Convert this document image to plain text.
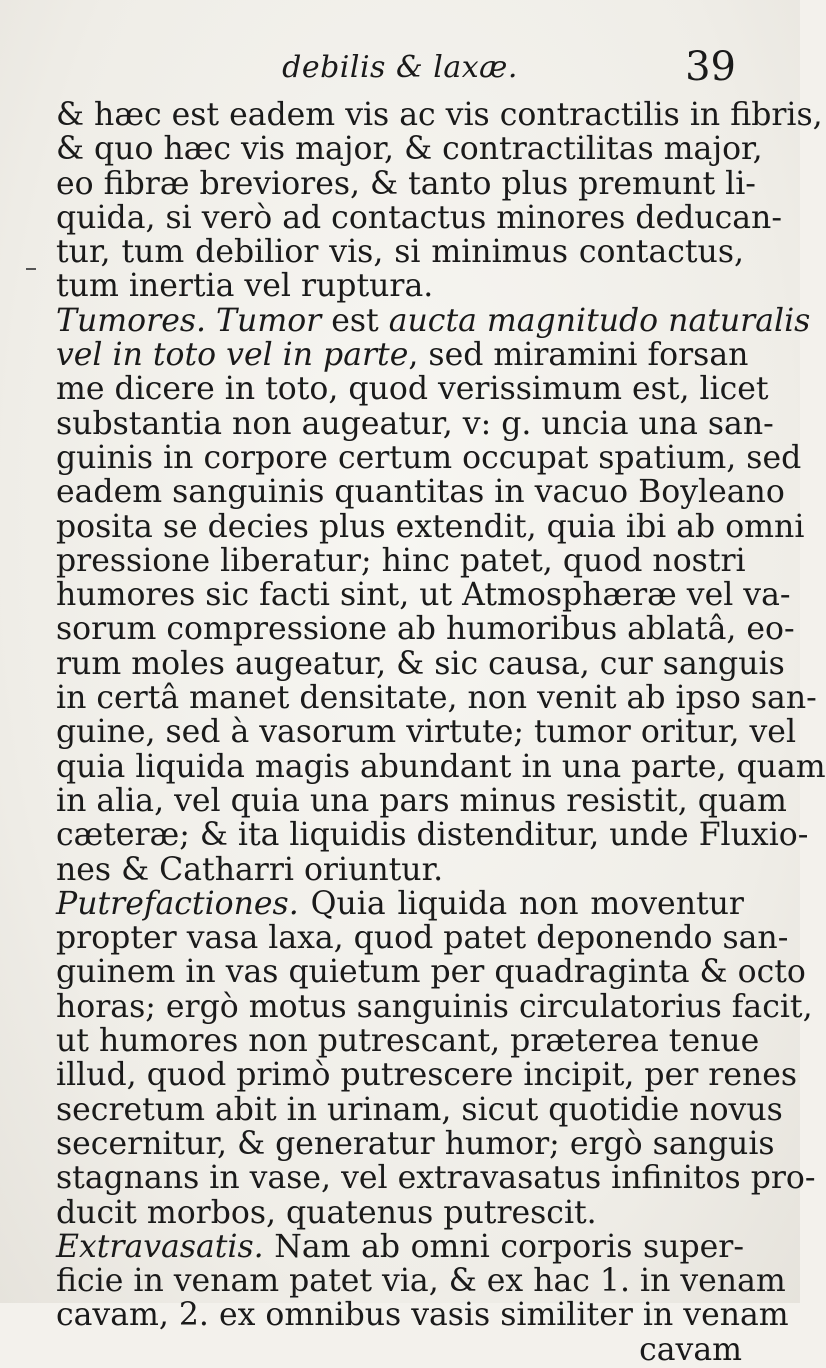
debilis & laxæ.	39
& hæc est eadem vis ac vis contractilis in fibris,
& quo hæc vis major, & contractilitas major,
eo fibræ breviores, & tanto plus premunt li-
quida, si verò ad contactus minores deducan-
tur, tum debilior vis, si minimus contactus,
tum inertia vel ruptura.
Tumores. Tumor est aucta magnitudo naturalis
vel in toto vel in parte, sed miramini forsan
me dicere in toto, quod verissimum est, licet
substantia non augeatur, v: g. uncia una san-
guinis in corpore certum occupat spatium, sed
eadem sanguinis quantitas in vacuo Boyleano
posita se decies plus extendit, quia ibi ab omni
pressione liberatur; hinc patet, quod nostri
humores sic facti sint, ut Atmosphæræ vel va-
sorum compressione ab humoribus ablatâ, eo-
rum moles augeatur, & sic causa, cur sanguis
in certâ manet densitate, non venit ab ipso san-
guine, sed à vasorum virtute; tumor oritur, vel
quia liquida magis abundant in una parte, quam
in alia, vel quia una pars minus resistit, quam
cæteræ; & ita liquidis distenditur, unde Fluxio-
nes & Catharri oriuntur.
Putrefactiones. Quia liquida non moventur
propter vasa laxa, quod patet deponendo san-
guinem in vas quietum per quadraginta & octo
horas; ergò motus sanguinis circulatorius facit,
ut humores non putrescant, præterea tenue
illud, quod primò putrescere incipit, per renes
secretum abit in urinam, sicut quotidie novus
secernitur, & generatur humor; ergò sanguis
stagnans in vase, vel extravasatus infinitos pro-
ducit morbos, quatenus putrescit.
Extravasatis. Nam ab omni corporis super-
ficie in venam patet via, & ex hac 1. in venam
cavam, 2. ex omnibus vasis similiter in venam
cavam
